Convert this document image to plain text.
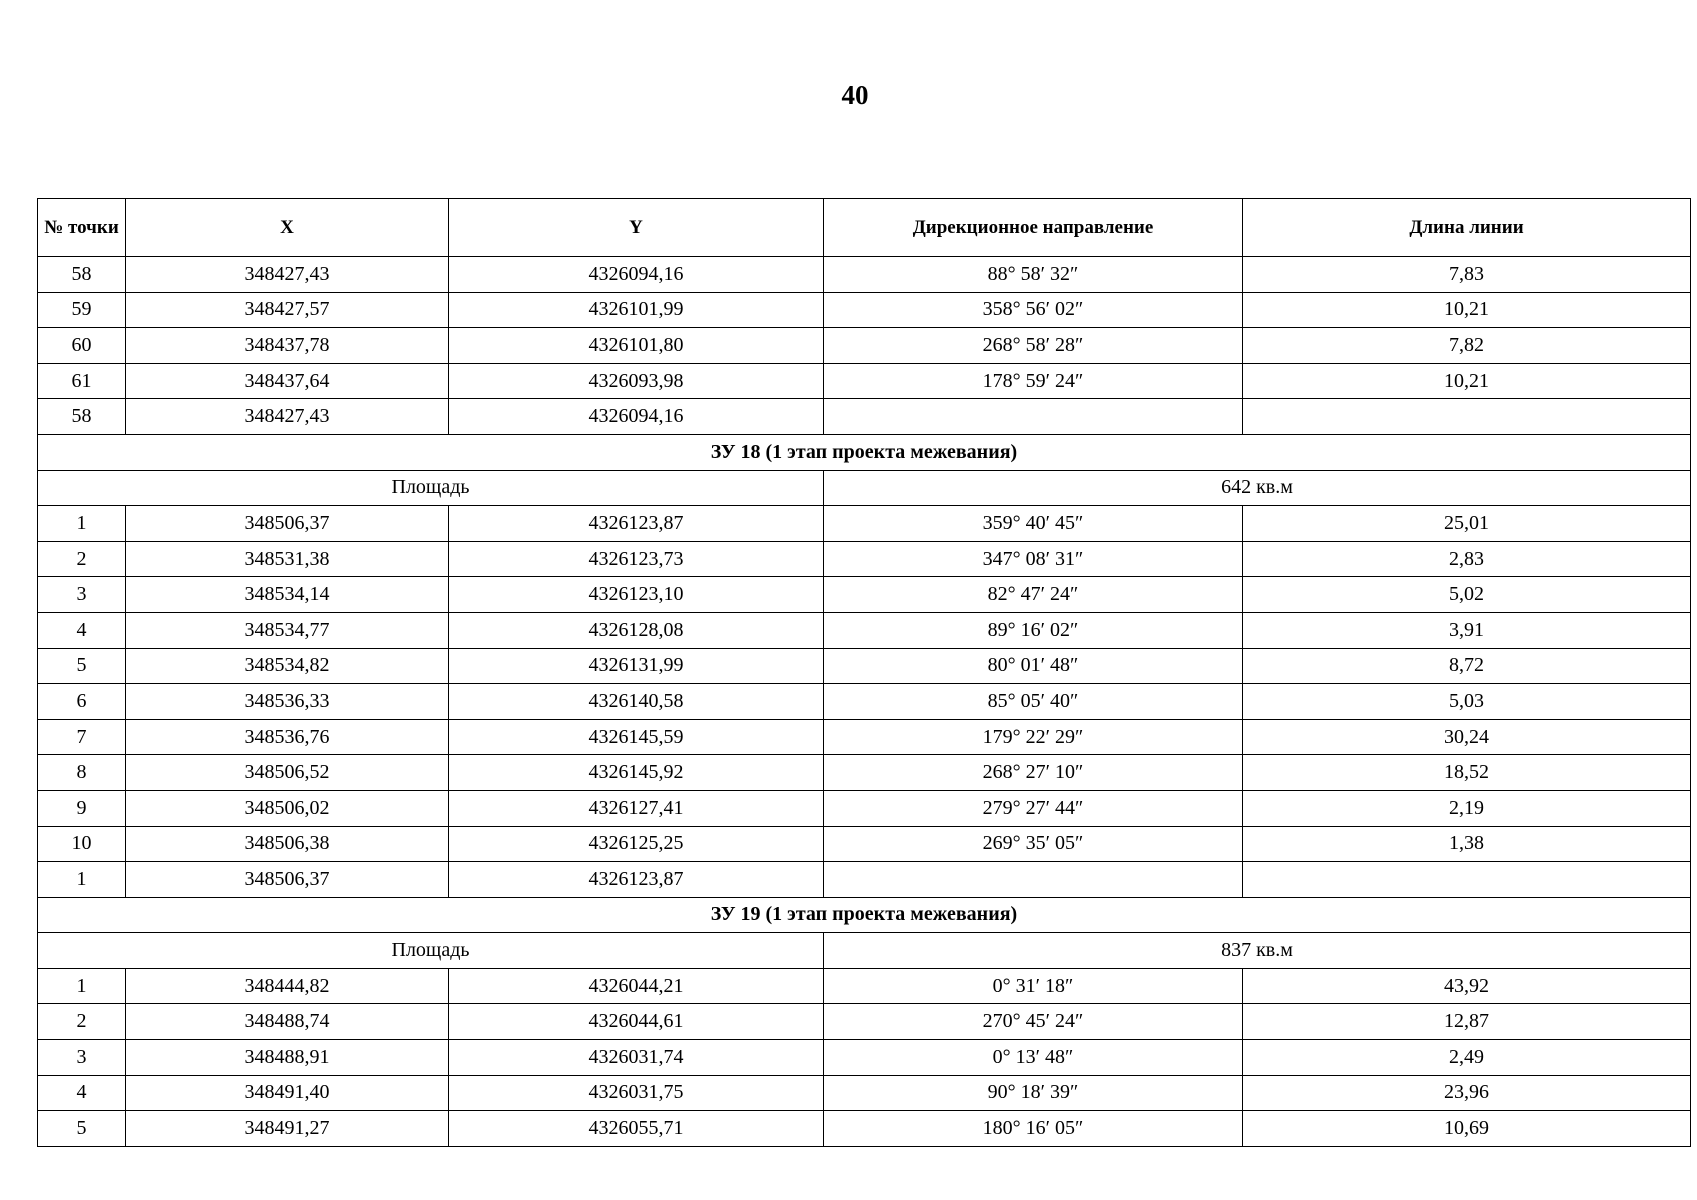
40
№ точки	X	Y	Дирекционное направление	Длина линии
58	348427,43	4326094,16	88° 58′ 32″	7,83
59	348427,57	4326101,99	358° 56′ 02″	10,21
60	348437,78	4326101,80	268° 58′ 28″	7,82
61	348437,64	4326093,98	178° 59′ 24″	10,21
58	348427,43	4326094,16		
ЗУ 18 (1 этап проекта межевания)				
Площадь			642 кв.м	
1	348506,37	4326123,87	359° 40′ 45″	25,01
2	348531,38	4326123,73	347° 08′ 31″	2,83
3	348534,14	4326123,10	82° 47′ 24″	5,02
4	348534,77	4326128,08	89° 16′ 02″	3,91
5	348534,82	4326131,99	80° 01′ 48″	8,72
6	348536,33	4326140,58	85° 05′ 40″	5,03
7	348536,76	4326145,59	179° 22′ 29″	30,24
8	348506,52	4326145,92	268° 27′ 10″	18,52
9	348506,02	4326127,41	279° 27′ 44″	2,19
10	348506,38	4326125,25	269° 35′ 05″	1,38
1	348506,37	4326123,87		
ЗУ 19 (1 этап проекта межевания)				
Площадь			837 кв.м	
1	348444,82	4326044,21	0° 31′ 18″	43,92
2	348488,74	4326044,61	270° 45′ 24″	12,87
3	348488,91	4326031,74	0° 13′ 48″	2,49
4	348491,40	4326031,75	90° 18′ 39″	23,96
5	348491,27	4326055,71	180° 16′ 05″	10,69
